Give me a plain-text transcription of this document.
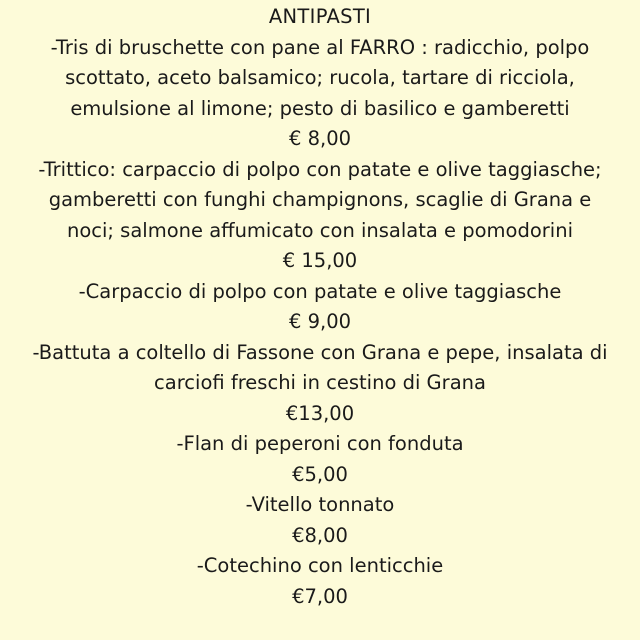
ANTIPASTI

-Tris di bruschette con pane al FARRO : radicchio, polpo

scottato, aceto balsamico; rucola, tartare di ricciola,

emulsione al limone; pesto di basilico e gamberetti

€ 8,00

-Trittico: carpaccio di polpo con patate e olive taggiasche;

gamberetti con funghi champignons, scaglie di Grana e

noci; salmone affumicato con insalata e pomodorini

€ 15,00

-Carpaccio di polpo con patate e olive taggiasche

€ 9,00

-Battuta a coltello di Fassone con Grana e pepe, insalata di

carciofi freschi in cestino di Grana

€13,00

-Flan di peperoni con fonduta

€5,00

-Vitello tonnato

€8,00

-Cotechino con lenticchie

€7,00
